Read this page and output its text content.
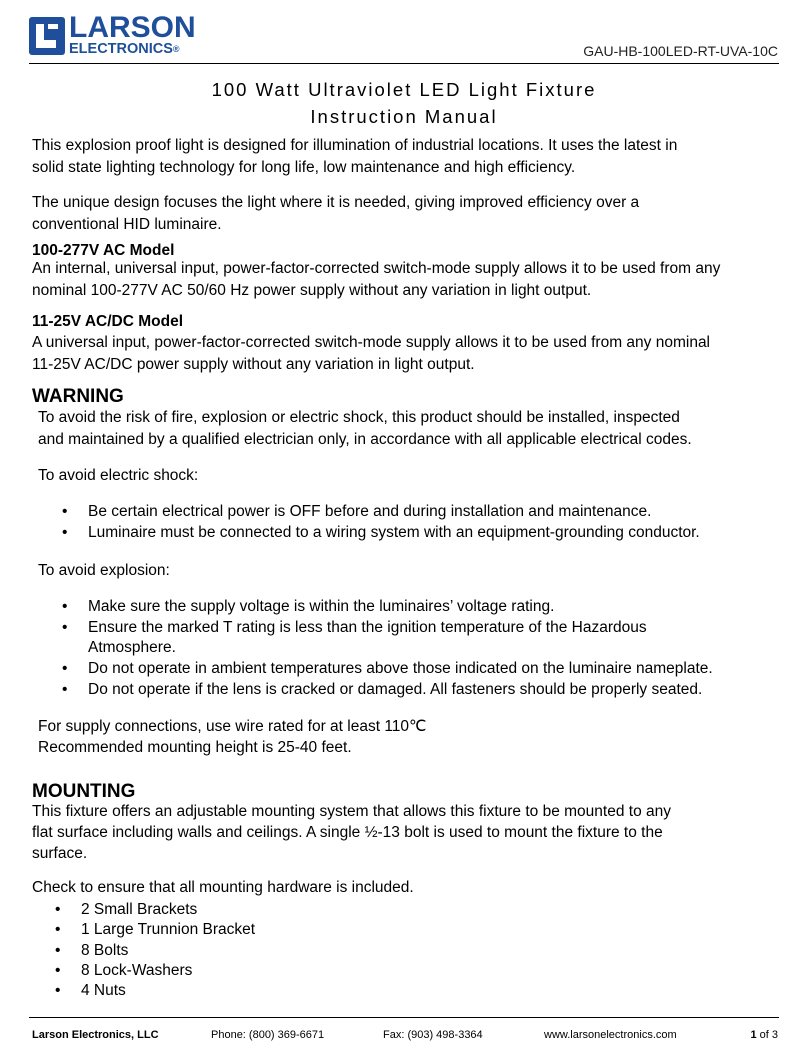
LARSON
ELECTRONICS®	GAU-HB-100LED-RT-UVA-10C
100 Watt Ultraviolet LED Light Fixture
Instruction Manual
This explosion proof light is designed for illumination of industrial locations. It uses the latest in
solid state lighting technology for long life, low maintenance and high efficiency.
The unique design focuses the light where it is needed, giving improved efficiency over a
conventional HID luminaire.
100-277V AC Model
An internal, universal input, power-factor-corrected switch-mode supply allows it to be used from any
nominal 100-277V AC 50/60 Hz power supply without any variation in light output.
11-25V AC/DC Model
A universal input, power-factor-corrected switch-mode supply allows it to be used from any nominal
11-25V AC/DC power supply without any variation in light output.
WARNING
To avoid the risk of fire, explosion or electric shock, this product should be installed, inspected
and maintained by a qualified electrician only, in accordance with all applicable electrical codes.
To avoid electric shock:
• Be certain electrical power is OFF before and during installation and maintenance.
• Luminaire must be connected to a wiring system with an equipment-grounding conductor.
To avoid explosion:
• Make sure the supply voltage is within the luminaires’ voltage rating.
• Ensure the marked T rating is less than the ignition temperature of the Hazardous
Atmosphere.
• Do not operate in ambient temperatures above those indicated on the luminaire nameplate.
• Do not operate if the lens is cracked or damaged. All fasteners should be properly seated.
For supply connections, use wire rated for at least 110℃
Recommended mounting height is 25-40 feet.
MOUNTING
This fixture offers an adjustable mounting system that allows this fixture to be mounted to any
flat surface including walls and ceilings. A single ½-13 bolt is used to mount the fixture to the
surface.
Check to ensure that all mounting hardware is included.
• 2 Small Brackets
• 1 Large Trunnion Bracket
• 8 Bolts
• 8 Lock-Washers
• 4 Nuts
Larson Electronics, LLC	Phone: (800) 369-6671	Fax: (903) 498-3364	www.larsonelectronics.com	1 of 3
